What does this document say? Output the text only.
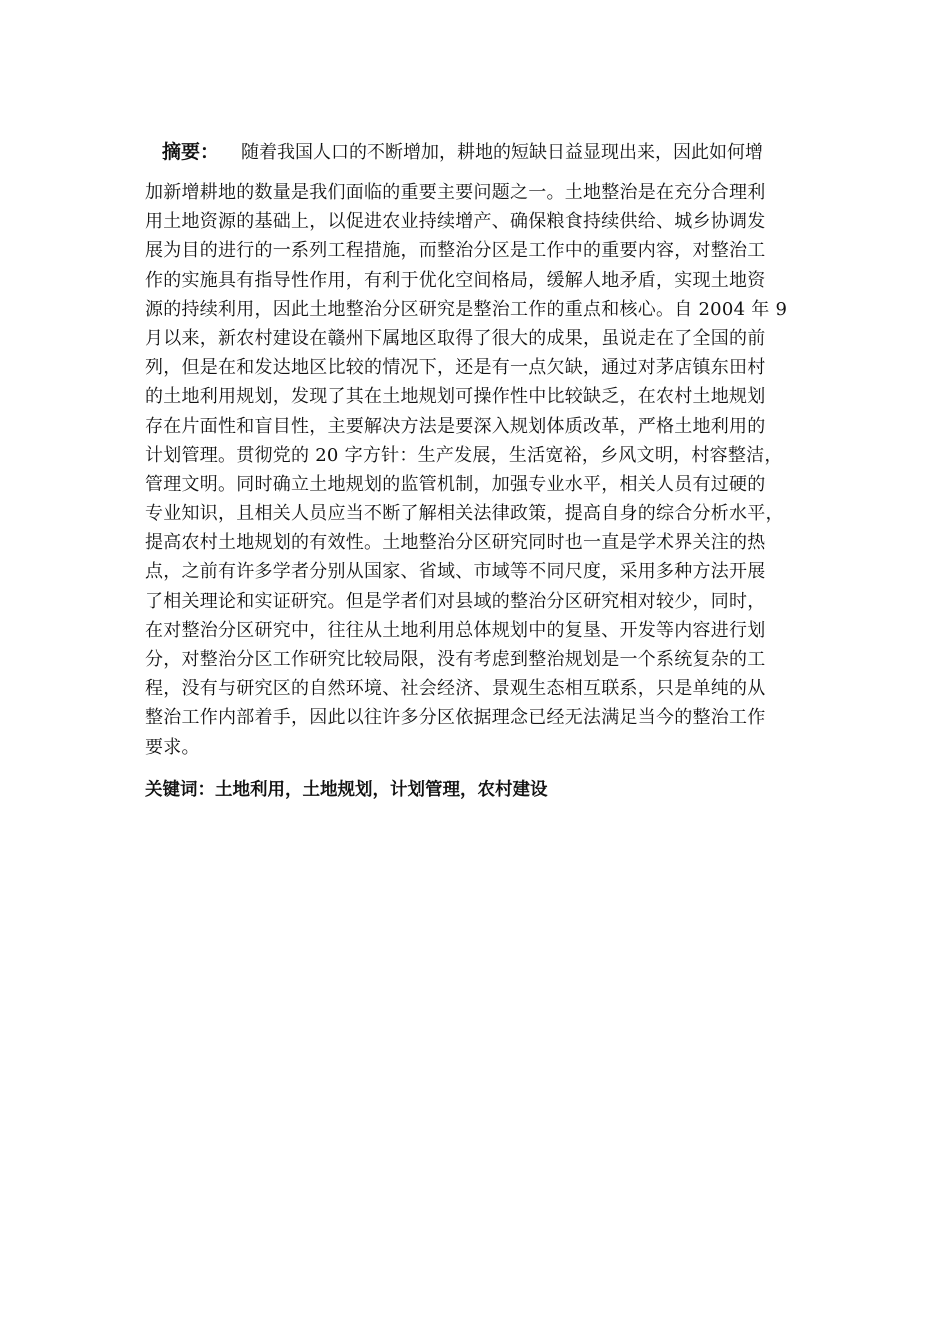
摘要： 随着我国人口的不断增加，耕地的短缺日益显现出来，因此如何增
加新增耕地的数量是我们面临的重要主要问题之一。土地整治是在充分合理利
用土地资源的基础上，以促进农业持续增产、确保粮食持续供给、城乡协调发
展为目的进行的一系列工程措施，而整治分区是工作中的重要内容，对整治工
作的实施具有指导性作用，有利于优化空间格局，缓解人地矛盾，实现土地资
源的持续利用，因此土地整治分区研究是整治工作的重点和核心。自 2004 年 9
月以来，新农村建设在赣州下属地区取得了很大的成果，虽说走在了全国的前
列，但是在和发达地区比较的情况下，还是有一点欠缺，通过对茅店镇东田村
的土地利用规划，发现了其在土地规划可操作性中比较缺乏，在农村土地规划
存在片面性和盲目性，主要解决方法是要深入规划体质改革，严格土地利用的
计划管理。贯彻党的 20 字方针：生产发展，生活宽裕，乡风文明，村容整洁，
管理文明。同时确立土地规划的监管机制，加强专业水平，相关人员有过硬的
专业知识，且相关人员应当不断了解相关法律政策，提高自身的综合分析水平，
提高农村土地规划的有效性。土地整治分区研究同时也一直是学术界关注的热
点，之前有许多学者分别从国家、省域、市域等不同尺度，采用多种方法开展
了相关理论和实证研究。但是学者们对县域的整治分区研究相对较少，同时，
在对整治分区研究中，往往从土地利用总体规划中的复垦、开发等内容进行划
分，对整治分区工作研究比较局限，没有考虑到整治规划是一个系统复杂的工
程，没有与研究区的自然环境、社会经济、景观生态相互联系，只是单纯的从
整治工作内部着手，因此以往许多分区依据理念已经无法满足当今的整治工作
要求。
关键词：土地利用，土地规划，计划管理，农村建设
